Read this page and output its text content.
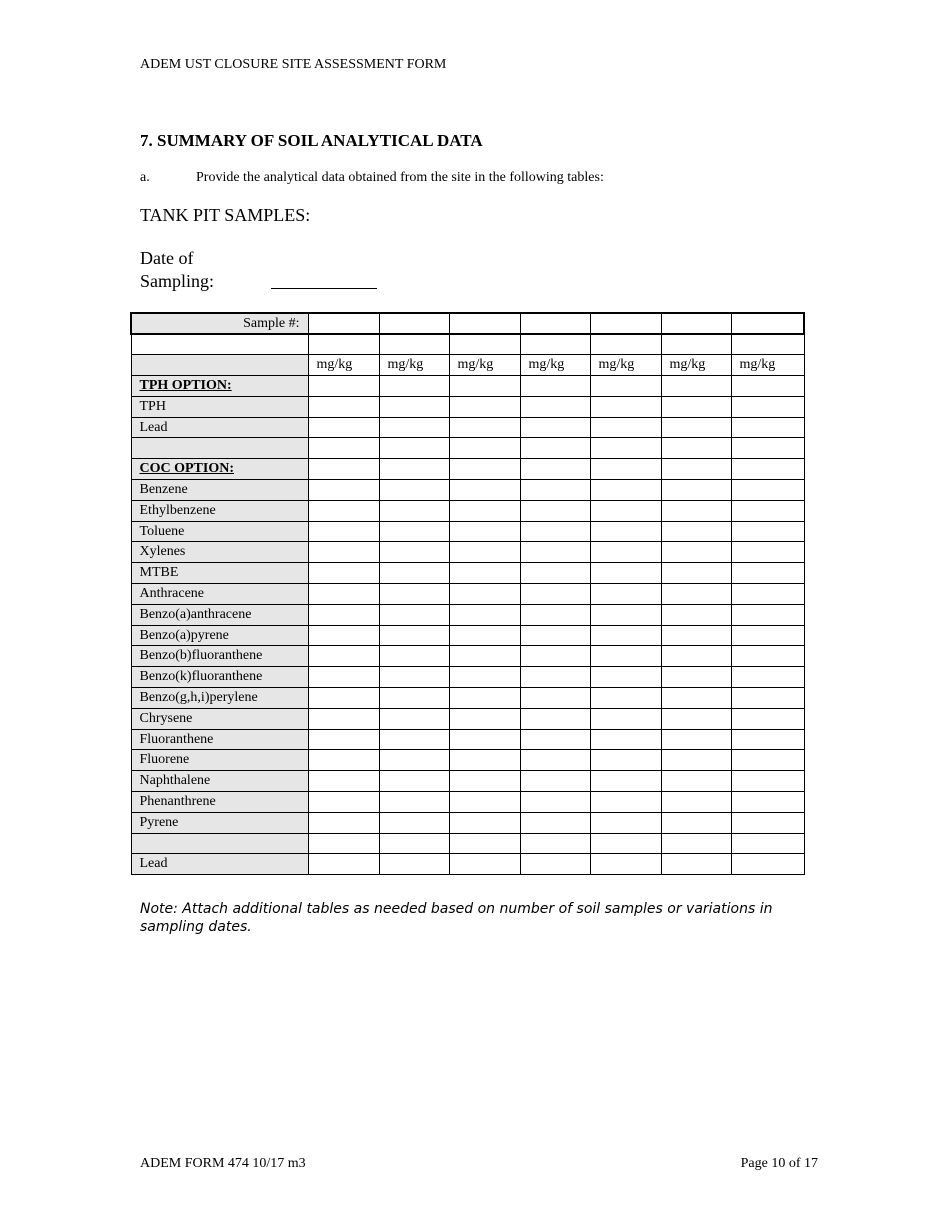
ADEM UST CLOSURE SITE ASSESSMENT FORM
7. SUMMARY OF SOIL ANALYTICAL DATA
a.	Provide the analytical data obtained from the site in the following tables:
TANK PIT SAMPLES:
Date of Sampling:
Sample #:							

	mg/kg	mg/kg	mg/kg	mg/kg	mg/kg	mg/kg	mg/kg
TPH OPTION:							
TPH							
Lead							

COC OPTION:							
Benzene							
Ethylbenzene							
Toluene							
Xylenes							
MTBE							
Anthracene							
Benzo(a)anthracene							
Benzo(a)pyrene							
Benzo(b)fluoranthene							
Benzo(k)fluoranthene							
Benzo(g,h,i)perylene							
Chrysene							
Fluoranthene							
Fluorene							
Naphthalene							
Phenanthrene							
Pyrene							

Lead							
Note: Attach additional tables as needed based on number of soil samples or variations in sampling dates.
ADEM FORM 474 10/17 m3	Page 10 of 17
